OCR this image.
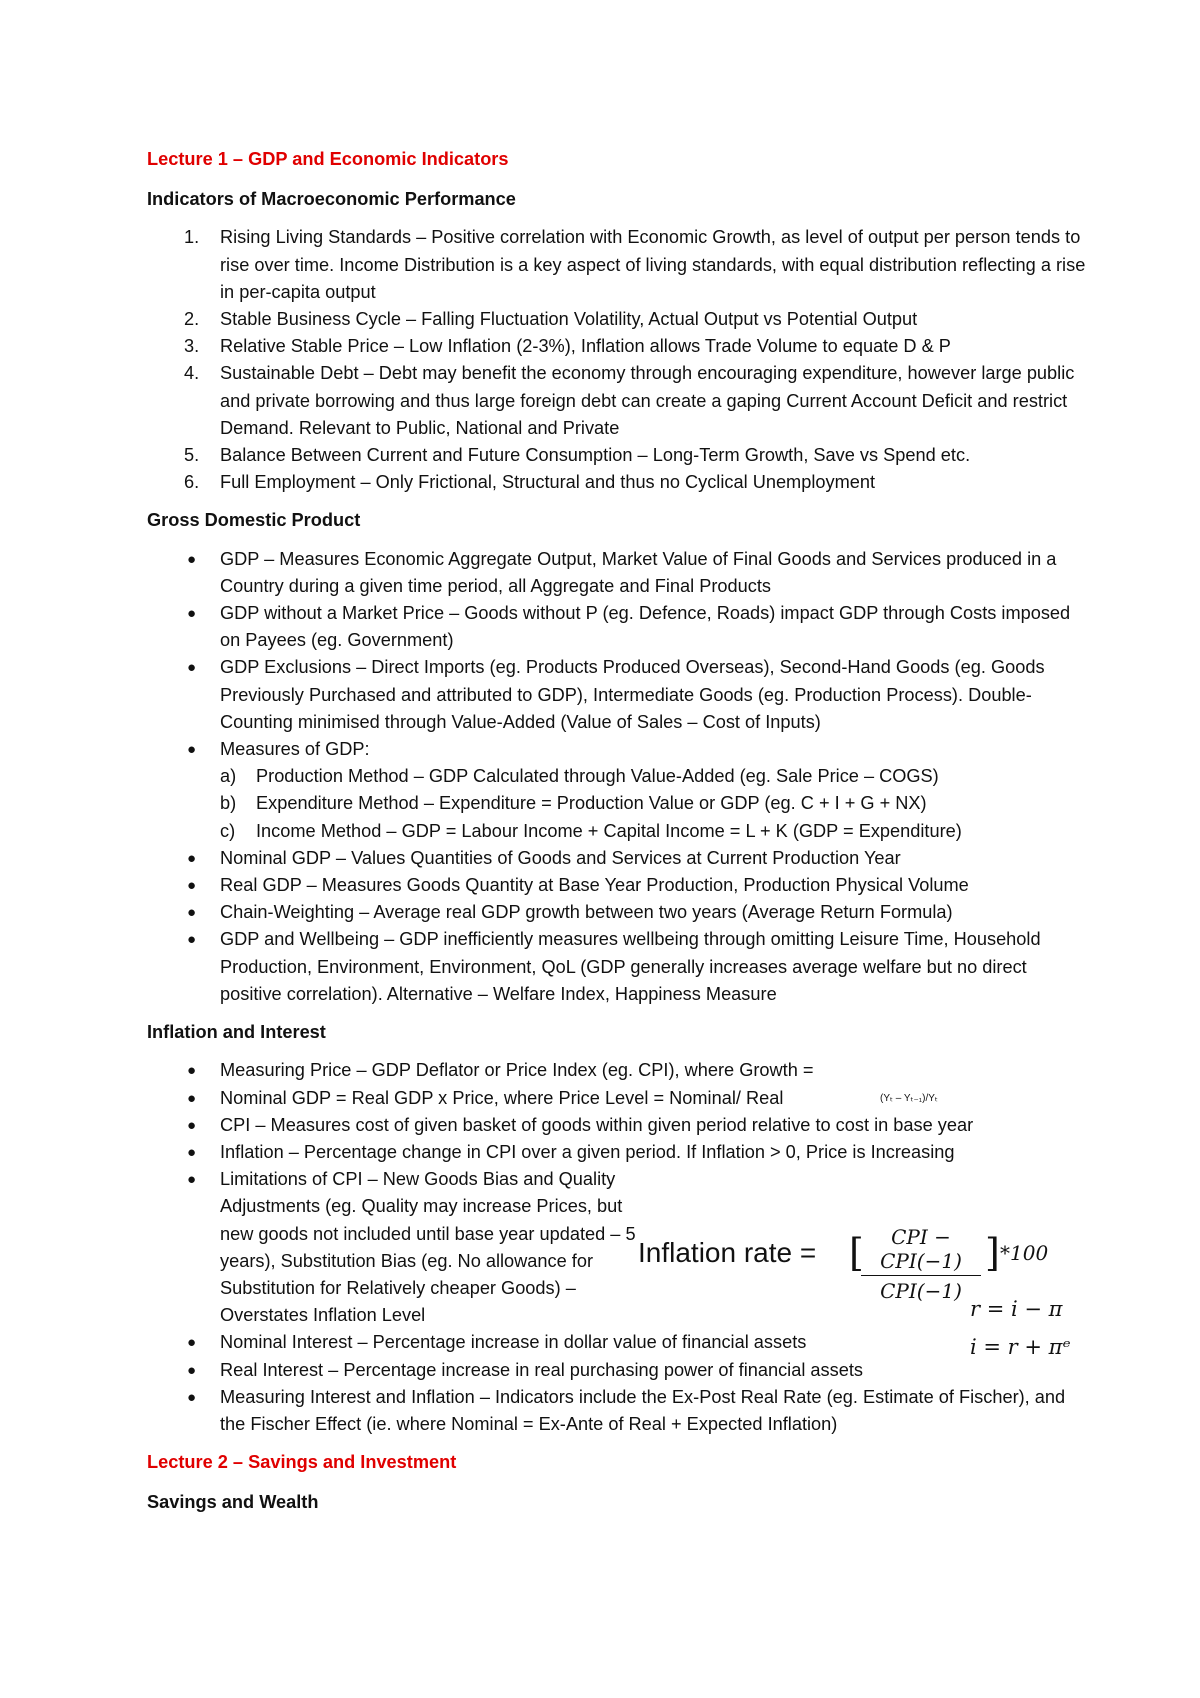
Lecture 1 – GDP and Economic Indicators
Indicators of Macroeconomic Performance
1. Rising Living Standards – Positive correlation with Economic Growth, as level of output per person tends to rise over time. Income Distribution is a key aspect of living standards, with equal distribution reflecting a rise in per-capita output
2. Stable Business Cycle – Falling Fluctuation Volatility, Actual Output vs Potential Output
3. Relative Stable Price – Low Inflation (2-3%), Inflation allows Trade Volume to equate D & P
4. Sustainable Debt – Debt may benefit the economy through encouraging expenditure, however large public and private borrowing and thus large foreign debt can create a gaping Current Account Deficit and restrict Demand. Relevant to Public, National and Private
5. Balance Between Current and Future Consumption – Long-Term Growth, Save vs Spend etc.
6. Full Employment – Only Frictional, Structural and thus no Cyclical Unemployment
Gross Domestic Product
● GDP – Measures Economic Aggregate Output, Market Value of Final Goods and Services produced in a Country during a given time period, all Aggregate and Final Products
● GDP without a Market Price – Goods without P (eg. Defence, Roads) impact GDP through Costs imposed on Payees (eg. Government)
● GDP Exclusions – Direct Imports (eg. Products Produced Overseas), Second-Hand Goods (eg. Goods Previously Purchased and attributed to GDP), Intermediate Goods (eg. Production Process). Double-Counting minimised through Value-Added (Value of Sales – Cost of Inputs)
● Measures of GDP:
a) Production Method – GDP Calculated through Value-Added (eg. Sale Price – COGS)
b) Expenditure Method – Expenditure = Production Value or GDP (eg. C + I + G + NX)
c) Income Method – GDP = Labour Income + Capital Income = L + K (GDP = Expenditure)
● Nominal GDP – Values Quantities of Goods and Services at Current Production Year
● Real GDP – Measures Goods Quantity at Base Year Production, Production Physical Volume
● Chain-Weighting – Average real GDP growth between two years (Average Return Formula)
● GDP and Wellbeing – GDP inefficiently measures wellbeing through omitting Leisure Time, Household Production, Environment, Environment, QoL (GDP generally increases average welfare but no direct positive correlation). Alternative – Welfare Index, Happiness Measure
Inflation and Interest
● Measuring Price – GDP Deflator or Price Index (eg. CPI), where Growth =
● Nominal GDP = Real GDP x Price, where Price Level = Nominal/ Real
● CPI – Measures cost of given basket of goods within given period relative to cost in base year
● Inflation – Percentage change in CPI over a given period. If Inflation > 0, Price is Increasing
● Limitations of CPI – New Goods Bias and Quality Adjustments (eg. Quality may increase Prices, but new goods not included until base year updated – 5 years), Substitution Bias (eg. No allowance for Substitution for Relatively cheaper Goods) – Overstates Inflation Level
● Nominal Interest – Percentage increase in dollar value of financial assets
● Real Interest – Percentage increase in real purchasing power of financial assets
● Measuring Interest and Inflation – Indicators include the Ex-Post Real Rate (eg. Estimate of Fischer), and the Fischer Effect (ie. where Nominal = Ex-Ante of Real + Expected Inflation)
Lecture 2 – Savings and Investment
Savings and Wealth
(Yₜ – Yₜ₋₁)/Yₜ
Inflation rate = [	CPI − CPI(−1)
CPI(−1)
] *100
r = i − π
i = r + πᵉ
